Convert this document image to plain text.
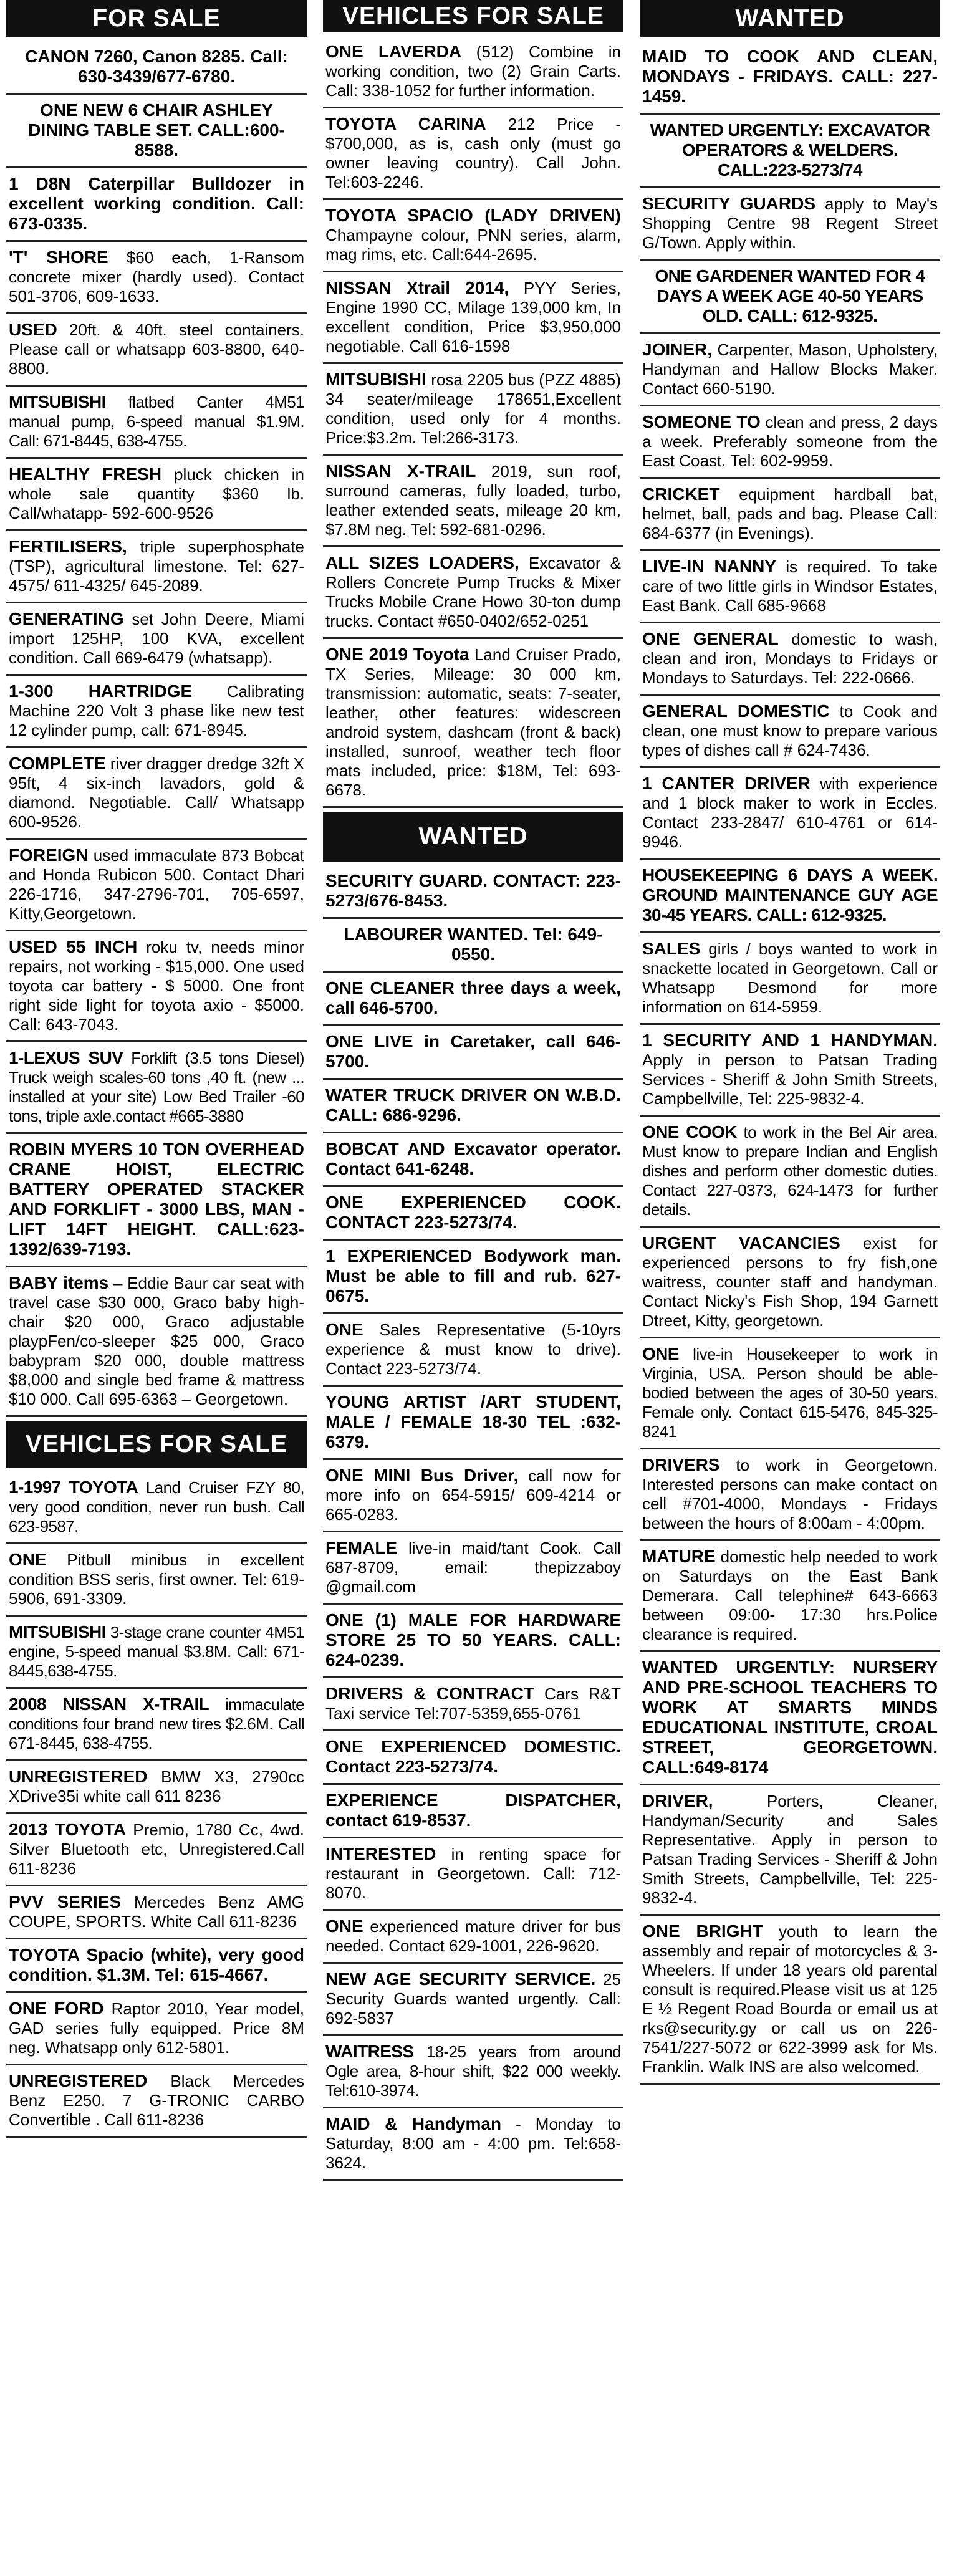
FOR SALE
CANON 7260, Canon 8285. Call: 630-3439/677-6780.
ONE NEW 6 CHAIR ASHLEY DINING TABLE SET. CALL:600-8588.
1 D8N Caterpillar Bulldozer in excellent working condition. Call: 673-0335.
'T' SHORE $60 each, 1-Ransom concrete mixer (hardly used). Contact 501-3706, 609-1633.
USED 20ft. & 40ft. steel containers. Please call or whatsapp 603-8800, 640-8800.
MITSUBISHI flatbed Canter 4M51 manual pump, 6-speed manual $1.9M. Call: 671-8445, 638-4755.
HEALTHY FRESH pluck chicken in whole sale quantity $360 lb. Call/whatapp- 592-600-9526
FERTILISERS, triple superphosphate (TSP), agricultural limestone. Tel: 627-4575/ 611-4325/ 645-2089.
GENERATING set John Deere, Miami import 125HP, 100 KVA, excellent condition. Call 669-6479 (whatsapp).
1-300 HARTRIDGE Calibrating Machine 220 Volt 3 phase like new test 12 cylinder pump, call: 671-8945.
COMPLETE river dragger dredge 32ft X 95ft, 4 six-inch lavadors, gold & diamond. Negotiable. Call/ Whatsapp 600-9526.
FOREIGN used immaculate 873 Bobcat and Honda Rubicon 500. Contact Dhari 226-1716, 347-2796-701, 705-6597, Kitty,Georgetown.
USED 55 INCH roku tv, needs minor repairs, not working - $15,000. One used toyota car battery - $ 5000. One front right side light for toyota axio - $5000. Call: 643-7043.
1-LEXUS SUV Forklift (3.5 tons Diesel) Truck weigh scales-60 tons ,40 ft. (new ... installed at your site) Low Bed Trailer -60 tons, triple axle.contact #665-3880
ROBIN MYERS 10 TON OVERHEAD CRANE HOIST, ELECTRIC BATTERY OPERATED STACKER AND FORKLIFT - 3000 LBS, MAN -LIFT 14FT HEIGHT. CALL:623-1392/639-7193.
BABY items – Eddie Baur car seat with travel case $30 000, Graco baby high-chair $20 000, Graco adjustable playpFen/co-sleeper $25 000, Graco babypram $20 000, double mattress $8,000 and single bed frame & mattress $10 000. Call 695-6363 – Georgetown.
VEHICLES FOR SALE
1-1997 TOYOTA Land Cruiser FZY 80, very good condition, never run bush. Call 623-9587.
ONE Pitbull minibus in excellent condition BSS seris, first owner. Tel: 619-5906, 691-3309.
MITSUBISHI 3-stage crane counter 4M51 engine, 5-speed manual $3.8M. Call: 671-8445,638-4755.
2008 NISSAN X-TRAIL immaculate conditions four brand new tires $2.6M. Call 671-8445, 638-4755.
UNREGISTERED BMW X3, 2790cc XDrive35i white call 611 8236
2013 TOYOTA Premio, 1780 Cc, 4wd. Silver Bluetooth etc, Unregistered.Call 611-8236
PVV SERIES Mercedes Benz AMG COUPE, SPORTS. White Call 611-8236
TOYOTA Spacio (white), very good condition. $1.3M. Tel: 615-4667.
ONE FORD Raptor 2010, Year model, GAD series fully equipped. Price 8M neg. Whatsapp only 612-5801.
UNREGISTERED Black Mercedes Benz E250. 7 G-TRONIC CARBO Convertible . Call 611-8236
VEHICLES FOR SALE
ONE LAVERDA (512) Combine in working condition, two (2) Grain Carts. Call: 338-1052 for further information.
TOYOTA CARINA 212 Price - $700,000, as is, cash only (must go owner leaving country). Call John. Tel:603-2246.
TOYOTA SPACIO (LADY DRIVEN) Champayne colour, PNN series, alarm, mag rims, etc. Call:644-2695.
NISSAN Xtrail 2014, PYY Series, Engine 1990 CC, Milage 139,000 km, In excellent condition, Price $3,950,000 negotiable. Call 616-1598
MITSUBISHI rosa 2205 bus (PZZ 4885) 34 seater/mileage 178651,Excellent condition, used only for 4 months. Price:$3.2m. Tel:266-3173.
NISSAN X-TRAIL 2019, sun roof, surround cameras, fully loaded, turbo, leather extended seats, mileage 20 km, $7.8M neg. Tel: 592-681-0296.
ALL SIZES LOADERS, Excavator & Rollers Concrete Pump Trucks & Mixer Trucks Mobile Crane Howo 30-ton dump trucks. Contact #650-0402/652-0251
ONE 2019 Toyota Land Cruiser Prado, TX Series, Mileage: 30 000 km, transmission: automatic, seats: 7-seater, leather, other features: widescreen android system, dashcam (front & back) installed, sunroof, weather tech floor mats included, price: $18M, Tel: 693-6678.
WANTED
SECURITY GUARD. CONTACT: 223-5273/676-8453.
LABOURER WANTED. Tel: 649-0550.
ONE CLEANER three days a week, call 646-5700.
ONE LIVE in Caretaker, call 646-5700.
WATER TRUCK DRIVER ON W.B.D. CALL: 686-9296.
BOBCAT AND Excavator operator. Contact 641-6248.
ONE EXPERIENCED COOK. CONTACT 223-5273/74.
1 EXPERIENCED Bodywork man. Must be able to fill and rub. 627-0675.
ONE Sales Representative (5-10yrs experience & must know to drive). Contact 223-5273/74.
YOUNG ARTIST /ART STUDENT, MALE / FEMALE 18-30 TEL :632-6379.
ONE MINI Bus Driver, call now for more info on 654-5915/ 609-4214 or 665-0283.
FEMALE live-in maid/tant Cook. Call 687-8709, email: thepizzaboy @gmail.com
ONE (1) MALE FOR HARDWARE STORE 25 TO 50 YEARS. CALL: 624-0239.
DRIVERS & CONTRACT Cars R&T Taxi service Tel:707-5359,655-0761
ONE EXPERIENCED DOMESTIC. Contact 223-5273/74.
EXPERIENCE DISPATCHER, contact 619-8537.
INTERESTED in renting space for restaurant in Georgetown. Call: 712-8070.
ONE experienced mature driver for bus needed. Contact 629-1001, 226-9620.
NEW AGE SECURITY SERVICE. 25 Security Guards wanted urgently. Call: 692-5837
WAITRESS 18-25 years from around Ogle area, 8-hour shift, $22 000 weekly. Tel:610-3974.
MAID & Handyman - Monday to Saturday, 8:00 am - 4:00 pm. Tel:658-3624.
WANTED
MAID TO COOK AND CLEAN, MONDAYS - FRIDAYS. CALL: 227-1459.
WANTED URGENTLY: EXCAVATOR OPERATORS & WELDERS. CALL:223-5273/74
SECURITY GUARDS apply to May's Shopping Centre 98 Regent Street G/Town. Apply within.
ONE GARDENER WANTED FOR 4 DAYS A WEEK AGE 40-50 YEARS OLD. CALL: 612-9325.
JOINER, Carpenter, Mason, Upholstery, Handyman and Hallow Blocks Maker. Contact 660-5190.
SOMEONE TO clean and press, 2 days a week. Preferably someone from the East Coast. Tel: 602-9959.
CRICKET equipment hardball bat, helmet, ball, pads and bag. Please Call: 684-6377 (in Evenings).
LIVE-IN NANNY is required. To take care of two little girls in Windsor Estates, East Bank. Call 685-9668
ONE GENERAL domestic to wash, clean and iron, Mondays to Fridays or Mondays to Saturdays. Tel: 222-0666.
GENERAL DOMESTIC to Cook and clean, one must know to prepare various types of dishes call # 624-7436.
1 CANTER DRIVER with experience and 1 block maker to work in Eccles. Contact 233-2847/ 610-4761 or 614-9946.
HOUSEKEEPING 6 DAYS A WEEK. GROUND MAINTENANCE GUY AGE 30-45 YEARS. CALL: 612-9325.
SALES girls / boys wanted to work in snackette located in Georgetown. Call or Whatsapp Desmond for more information on 614-5959.
1 SECURITY AND 1 HANDYMAN. Apply in person to Patsan Trading Services - Sheriff & John Smith Streets, Campbellville, Tel: 225-9832-4.
ONE COOK to work in the Bel Air area. Must know to prepare Indian and English dishes and perform other domestic duties. Contact 227-0373, 624-1473 for further details.
URGENT VACANCIES exist for experienced persons to fry fish,one waitress, counter staff and handyman. Contact Nicky's Fish Shop, 194 Garnett Dtreet, Kitty, georgetown.
ONE live-in Housekeeper to work in Virginia, USA. Person should be able-bodied between the ages of 30-50 years. Female only. Contact 615-5476, 845-325-8241
DRIVERS to work in Georgetown. Interested persons can make contact on cell #701-4000, Mondays - Fridays between the hours of 8:00am - 4:00pm.
MATURE domestic help needed to work on Saturdays on the East Bank Demerara. Call telephine# 643-6663 between 09:00- 17:30 hrs.Police clearance is required.
WANTED URGENTLY: NURSERY AND PRE-SCHOOL TEACHERS TO WORK AT SMARTS MINDS EDUCATIONAL INSTITUTE, CROAL STREET, GEORGETOWN. CALL:649-8174
DRIVER, Porters, Cleaner, Handyman/Security and Sales Representative. Apply in person to Patsan Trading Services - Sheriff & John Smith Streets, Campbellville, Tel: 225-9832-4.
ONE BRIGHT youth to learn the assembly and repair of motorcycles & 3-Wheelers. If under 18 years old parental consult is required.Please visit us at 125 E ½ Regent Road Bourda or email us at rks@security.gy or call us on 226-7541/227-5072 or 622-3999 ask for Ms. Franklin. Walk INS are also welcomed.
